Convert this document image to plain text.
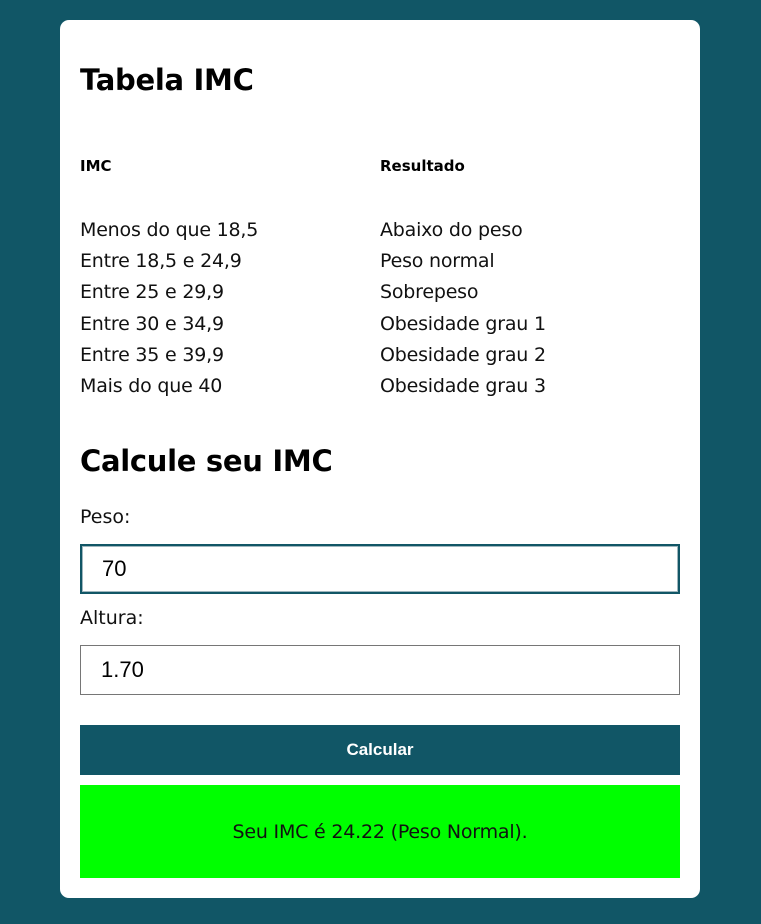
Tabela IMC
IMC	Resultado
Menos do que 18,5	Abaixo do peso
Entre 18,5 e 24,9	Peso normal
Entre 25 e 29,9	Sobrepeso
Entre 30 e 34,9	Obesidade grau 1
Entre 35 e 39,9	Obesidade grau 2
Mais do que 40	Obesidade grau 3
Calcule seu IMC
Peso:
70
Altura:
1.70
Calcular
Seu IMC é 24.22 (Peso Normal).
